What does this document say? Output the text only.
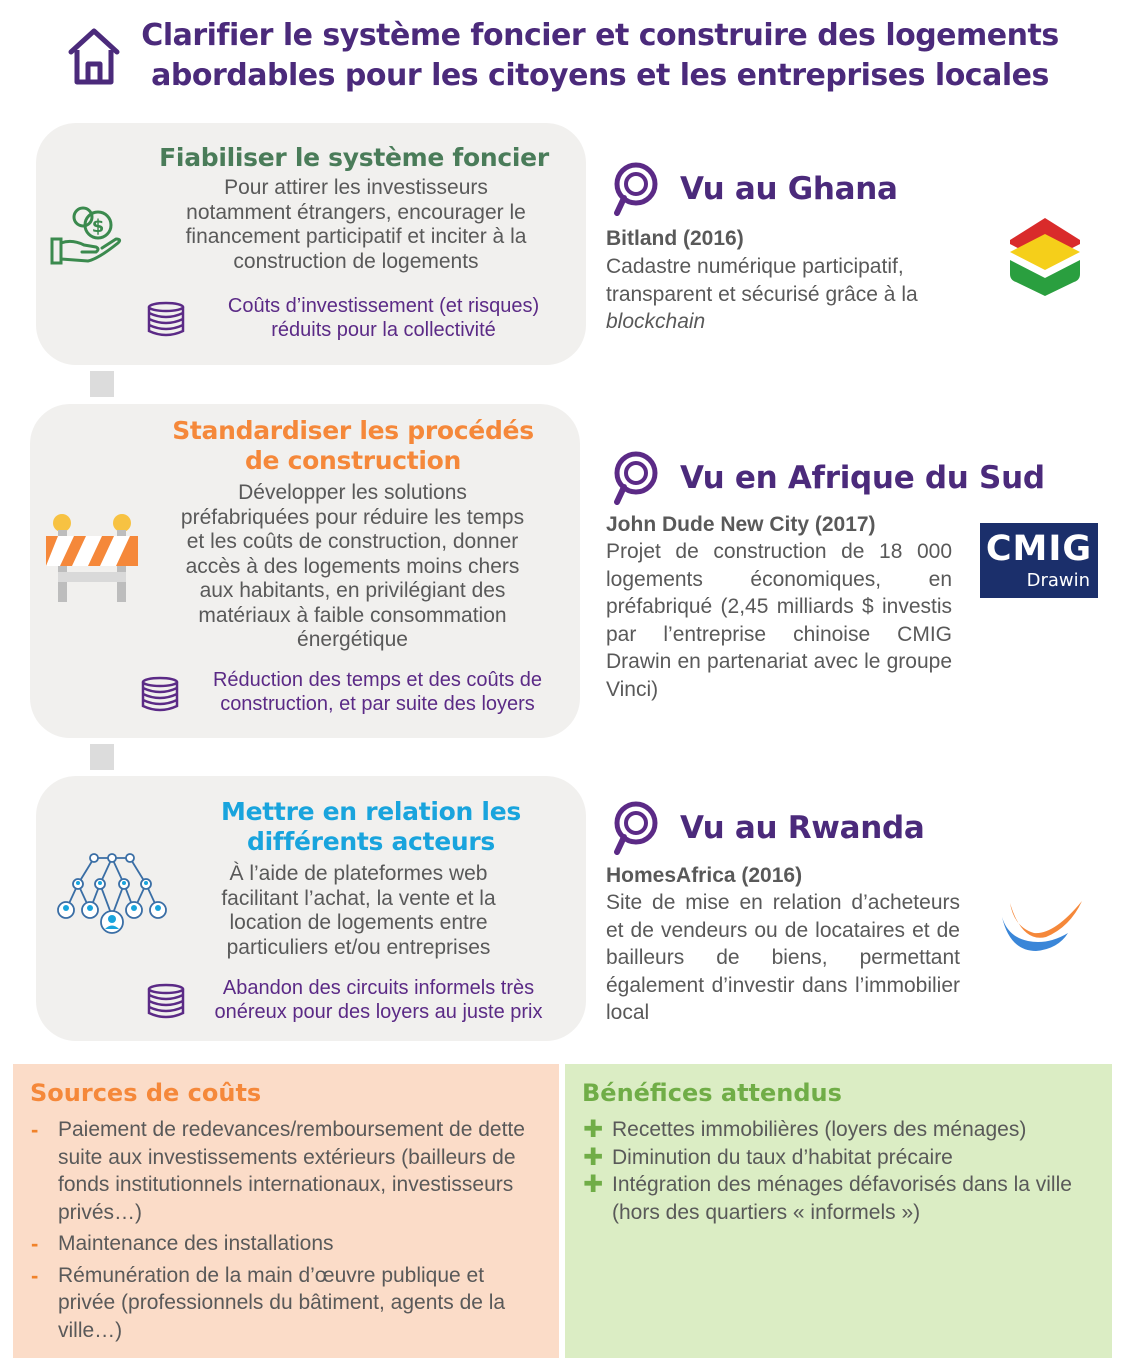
Clarifier le système foncier et construire des logements
abordables pour les citoyens et les entreprises locales
$
Fiabiliser le système foncier
Pour attirer les investisseurs
notamment étrangers, encourager le
financement participatif et inciter à la
construction de logements
Coûts d’investissement (et risques)
réduits pour la collectivité
Standardiser les procédés
de construction
Développer les solutions
préfabriquées pour réduire les temps
et les coûts de construction, donner
accès à des logements moins chers
aux habitants, en privilégiant des
matériaux à faible consommation
énergétique
Réduction des temps et des coûts de
construction, et par suite des loyers
Mettre en relation les
différents acteurs
À l’aide de plateformes web
facilitant l’achat, la vente et la
location de logements entre
particuliers et/ou entreprises
Abandon des circuits informels très
onéreux pour des loyers au juste prix
Vu au Ghana
Bitland (2016)
Cadastre numérique participatif,
transparent et sécurisé grâce à la
blockchain
Vu en Afrique du Sud
John Dude New City (2017)
Projet de construction de 18 000 logements économiques, en préfabriqué (2,45 milliards $ investis par l’entreprise chinoise CMIG Drawin en partenariat avec le groupe Vinci)
CMIG
Drawin
Vu au Rwanda
HomesAfrica (2016)
Site de mise en relation d’acheteurs et de vendeurs ou de locataires et de bailleurs de biens, permettant également d’investir dans l’immobilier local
Sources de coûts
- Paiement de redevances/remboursement de dette suite aux investissements extérieurs (bailleurs de fonds institutionnels internationaux, investisseurs privés…)
- Maintenance des installations
- Rémunération de la main d’œuvre publique et privée (professionnels du bâtiment, agents de la ville…)
Bénéfices attendus
✚ Recettes immobilières (loyers des ménages)
✚ Diminution du taux d’habitat précaire
✚ Intégration des ménages défavorisés dans la ville (hors des quartiers « informels »)
